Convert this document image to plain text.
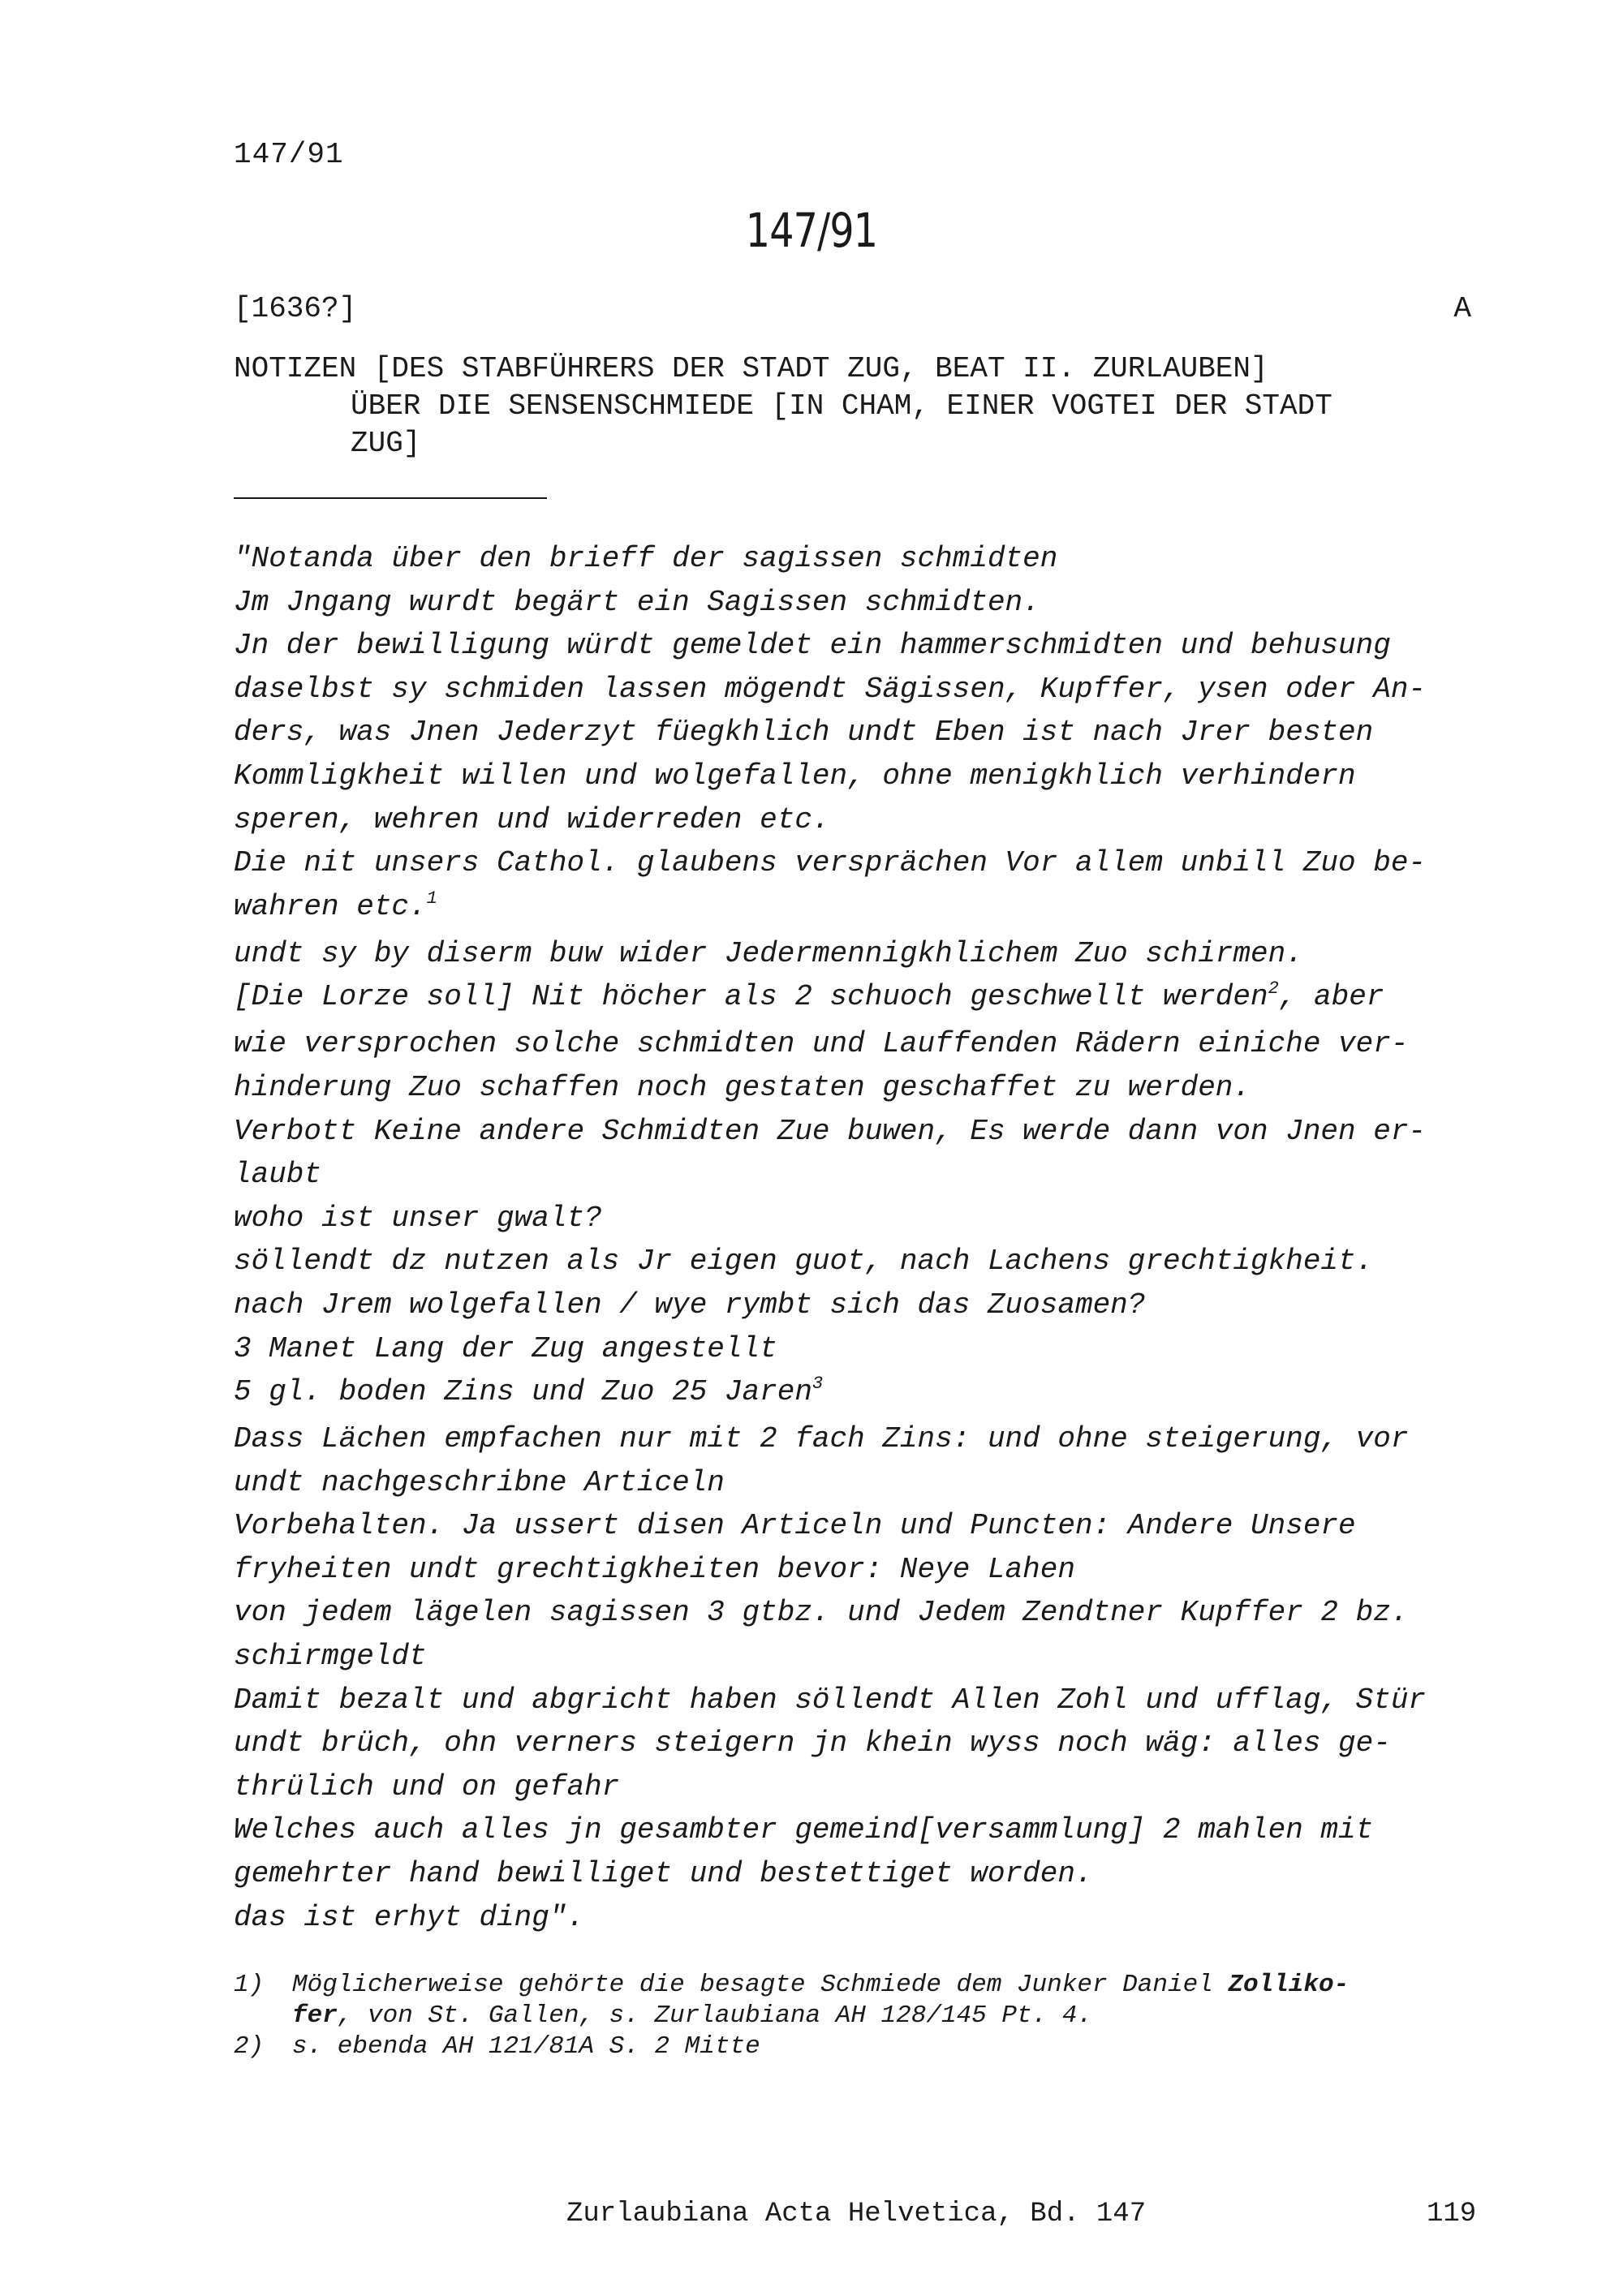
147/91
147/91
[1636?]	A
NOTIZEN [DES STABFÜHRERS DER STADT ZUG, BEAT II. ZURLAUBEN]
ÜBER DIE SENSENSCHMIEDE [IN CHAM, EINER VOGTEI DER STADT
ZUG]
"Notanda über den brieff der sagissen schmidten
Jm Jngang wurdt begärt ein Sagissen schmidten.
Jn der bewilligung würdt gemeldet ein hammerschmidten und behusung
daselbst sy schmiden lassen mögendt Sägissen, Kupffer, ysen oder An-
ders, was Jnen Jederzyt füegkhlich undt Eben ist nach Jrer besten
Kommligkheit willen und wolgefallen, ohne menigkhlich verhindern
speren, wehren und widerreden etc.
Die nit unsers Cathol. glaubens versprächen Vor allem unbill Zuo be-
wahren etc.$^1$
undt sy by diserm buw wider Jedermennigkhlichem Zuo schirmen.
[Die Lorze soll] Nit höcher als 2 schuoch geschwellt werden$^2$, aber
wie versprochen solche schmidten und Lauffenden Rädern einiche ver-
hinderung Zuo schaffen noch gestaten geschaffet zu werden.
Verbott Keine andere Schmidten Zue buwen, Es werde dann von Jnen er-
laubt
woho ist unser gwalt?
söllendt dz nutzen als Jr eigen guot, nach Lachens grechtigkheit.
nach Jrem wolgefallen / wye rymbt sich das Zuosamen?
3 Manet Lang der Zug angestellt
5 gl. boden Zins und Zuo 25 Jaren$^3$
Dass Lächen empfachen nur mit 2 fach Zins: und ohne steigerung, vor
undt nachgeschribne Articeln
Vorbehalten. Ja ussert disen Articeln und Puncten: Andere Unsere
fryheiten undt grechtigkheiten bevor: Neye Lahen
von jedem lägelen sagissen 3 gtbz. und Jedem Zendtner Kupffer 2 bz.
schirmgeldt
Damit bezalt und abgricht haben söllendt Allen Zohl und ufflag, Stür
undt brüch, ohn verners steigern jn khein wyss noch wäg: alles ge-
thrülich und on gefahr
Welches auch alles jn gesambter gemeind[versammlung] 2 mahlen mit
gemehrter hand bewilliget und bestettiget worden.
das ist erhyt ding".
1) Möglicherweise gehörte die besagte Schmiede dem Junker Daniel Zolliko-
fer, von St. Gallen, s. Zurlaubiana AH 128/145 Pt. 4.
2) s. ebenda AH 121/81A S. 2 Mitte
Zurlaubiana Acta Helvetica, Bd. 147	119
